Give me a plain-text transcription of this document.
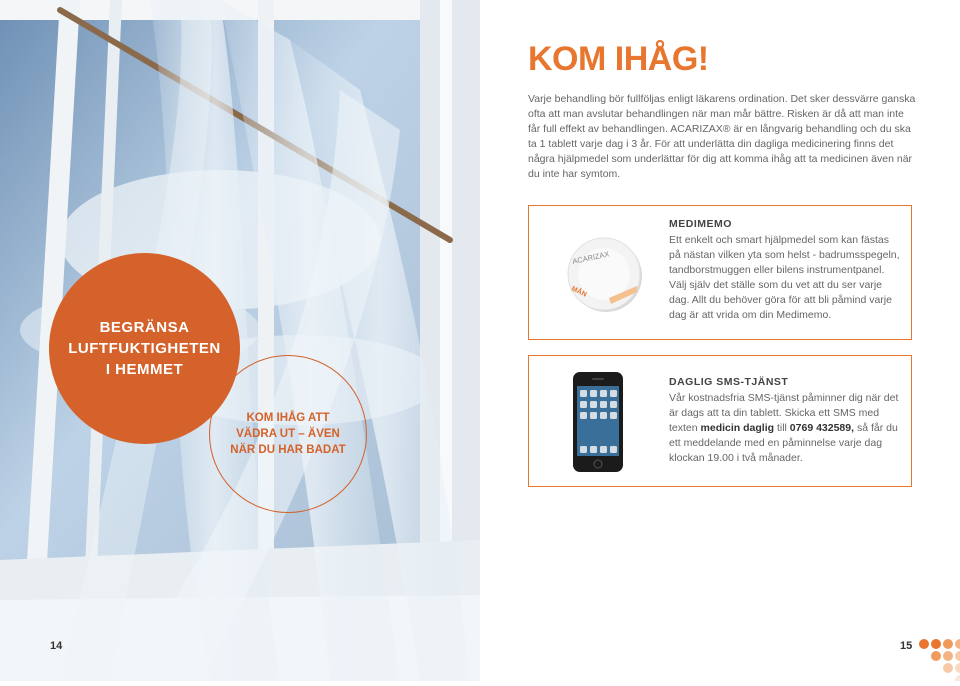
BEGRÄNSA
LUFTFUKTIGHETEN
I HEMMET
KOM IHÅG ATT
VÄDRA UT – ÄVEN
NÄR DU HAR BADAT
14
KOM IHÅG!
Varje behandling bör fullföljas enligt läkarens ordination. Det sker dessvärre ganska ofta att man avslutar behandlingen när man mår bättre. Risken är då att man inte får full effekt av behandlingen. ACARIZAX® är en långvarig behandling och du ska ta 1 tablett varje dag i 3 år. För att underlätta din dagliga medicinering finns det några hjälpmedel som underlättar för dig att komma ihåg att ta medicinen även när du inte har symtom.
ACARIZAX
MÅN
MEDIMEMO
Ett enkelt och smart hjälpmedel som kan fästas på nästan vilken yta som helst - badrumsspegeln, tandborstmuggen eller bilens instrumentpanel. Välj själv det ställe som du vet att du ser varje dag. Allt du behöver göra för att bli påmind varje dag är att vrida om din Medimemo.
DAGLIG SMS-TJÄNST
Vår kostnadsfria SMS-tjänst påminner dig när det är dags att ta din tablett. Skicka ett SMS med texten medicin daglig till 0769 432589, så får du ett meddelande med en påminnelse varje dag klockan 19.00 i två månader.
15
